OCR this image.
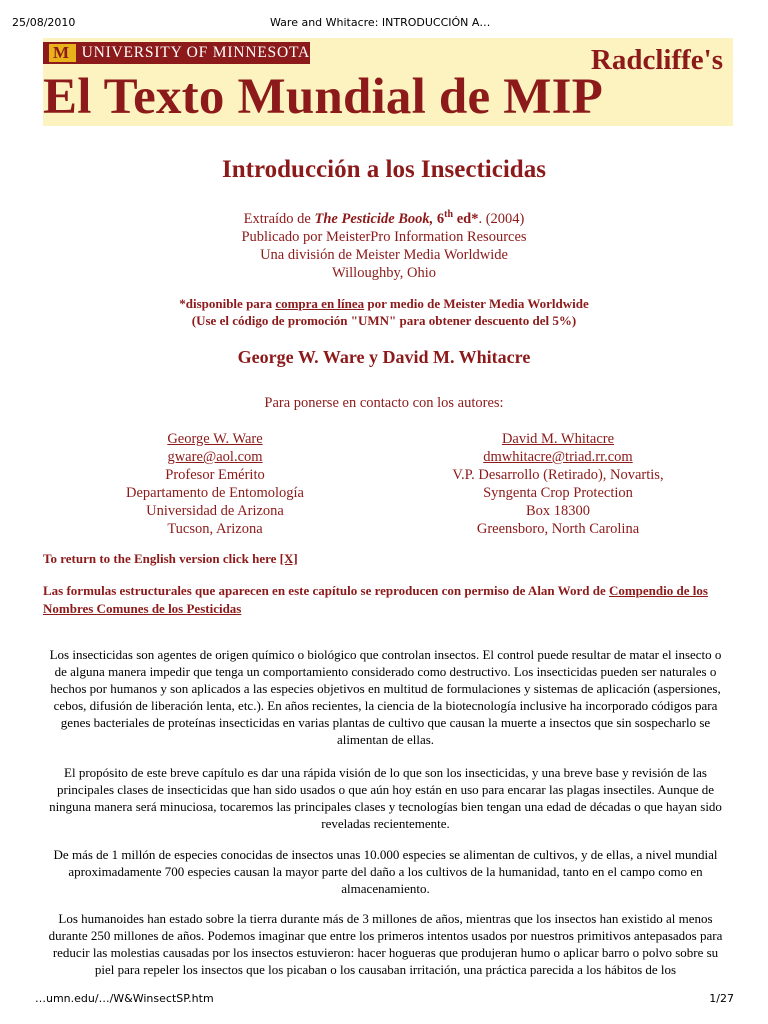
25/08/2010	Ware and Whitacre: INTRODUCCIÓN A…
M
UNIVERSITY OF MINNESOTA	Radcliffe's
El Texto Mundial de MIP
Introducción a los Insecticidas
Extraído de The Pesticide Book, 6th ed*. (2004)
Publicado por MeisterPro Information Resources
Una división de Meister Media Worldwide
Willoughby, Ohio
*disponible para compra en línea por medio de Meister Media Worldwide
(Use el código de promoción "UMN" para obtener descuento del 5%)
George W. Ware y David M. Whitacre
Para ponerse en contacto con los autores:
George W. Ware
gware@aol.com
Profesor Emérito
Departamento de Entomología
Universidad de Arizona
Tucson, Arizona
David M. Whitacre
dmwhitacre@triad.rr.com
V.P. Desarrollo (Retirado), Novartis,
Syngenta Crop Protection
Box 18300
Greensboro, North Carolina
To return to the English version click here [X]
Las formulas estructurales que aparecen en este capítulo se reproducen con permiso de Alan Word de Compendio de los Nombres Comunes de los Pesticidas
Los insecticidas son agentes de origen químico o biológico que controlan insectos. El control puede resultar de matar el insecto o de alguna manera impedir que tenga un comportamiento considerado como destructivo. Los insecticidas pueden ser naturales o hechos por humanos y son aplicados a las especies objetivos en multitud de formulaciones y sistemas de aplicación (aspersiones, cebos, difusión de liberación lenta, etc.). En años recientes, la ciencia de la biotecnología inclusive ha incorporado códigos para genes bacteriales de proteínas insecticidas en varias plantas de cultivo que causan la muerte a insectos que sin sospecharlo se alimentan de ellas.
El propósito de este breve capítulo es dar una rápida visión de lo que son los insecticidas, y una breve base y revisión de las principales clases de insecticidas que han sido usados o que aún hoy están en uso para encarar las plagas insectiles. Aunque de ninguna manera será minuciosa, tocaremos las principales clases y tecnologías bien tengan una edad de décadas o que hayan sido reveladas recientemente.
De más de 1 millón de especies conocidas de insectos unas 10.000 especies se alimentan de cultivos, y de ellas, a nivel mundial aproximadamente 700 especies causan la mayor parte del daño a los cultivos de la humanidad, tanto en el campo como en almacenamiento.
Los humanoides han estado sobre la tierra durante más de 3 millones de años, mientras que los insectos han existido al menos durante 250 millones de años. Podemos imaginar que entre los primeros intentos usados por nuestros primitivos antepasados para reducir las molestias causadas por los insectos estuvieron: hacer hogueras que produjeran humo o aplicar barro o polvo sobre su piel para repeler los insectos que los picaban o los causaban irritación, una práctica parecida a los hábitos de los
…umn.edu/…/W&WinsectSP.htm	1/27
